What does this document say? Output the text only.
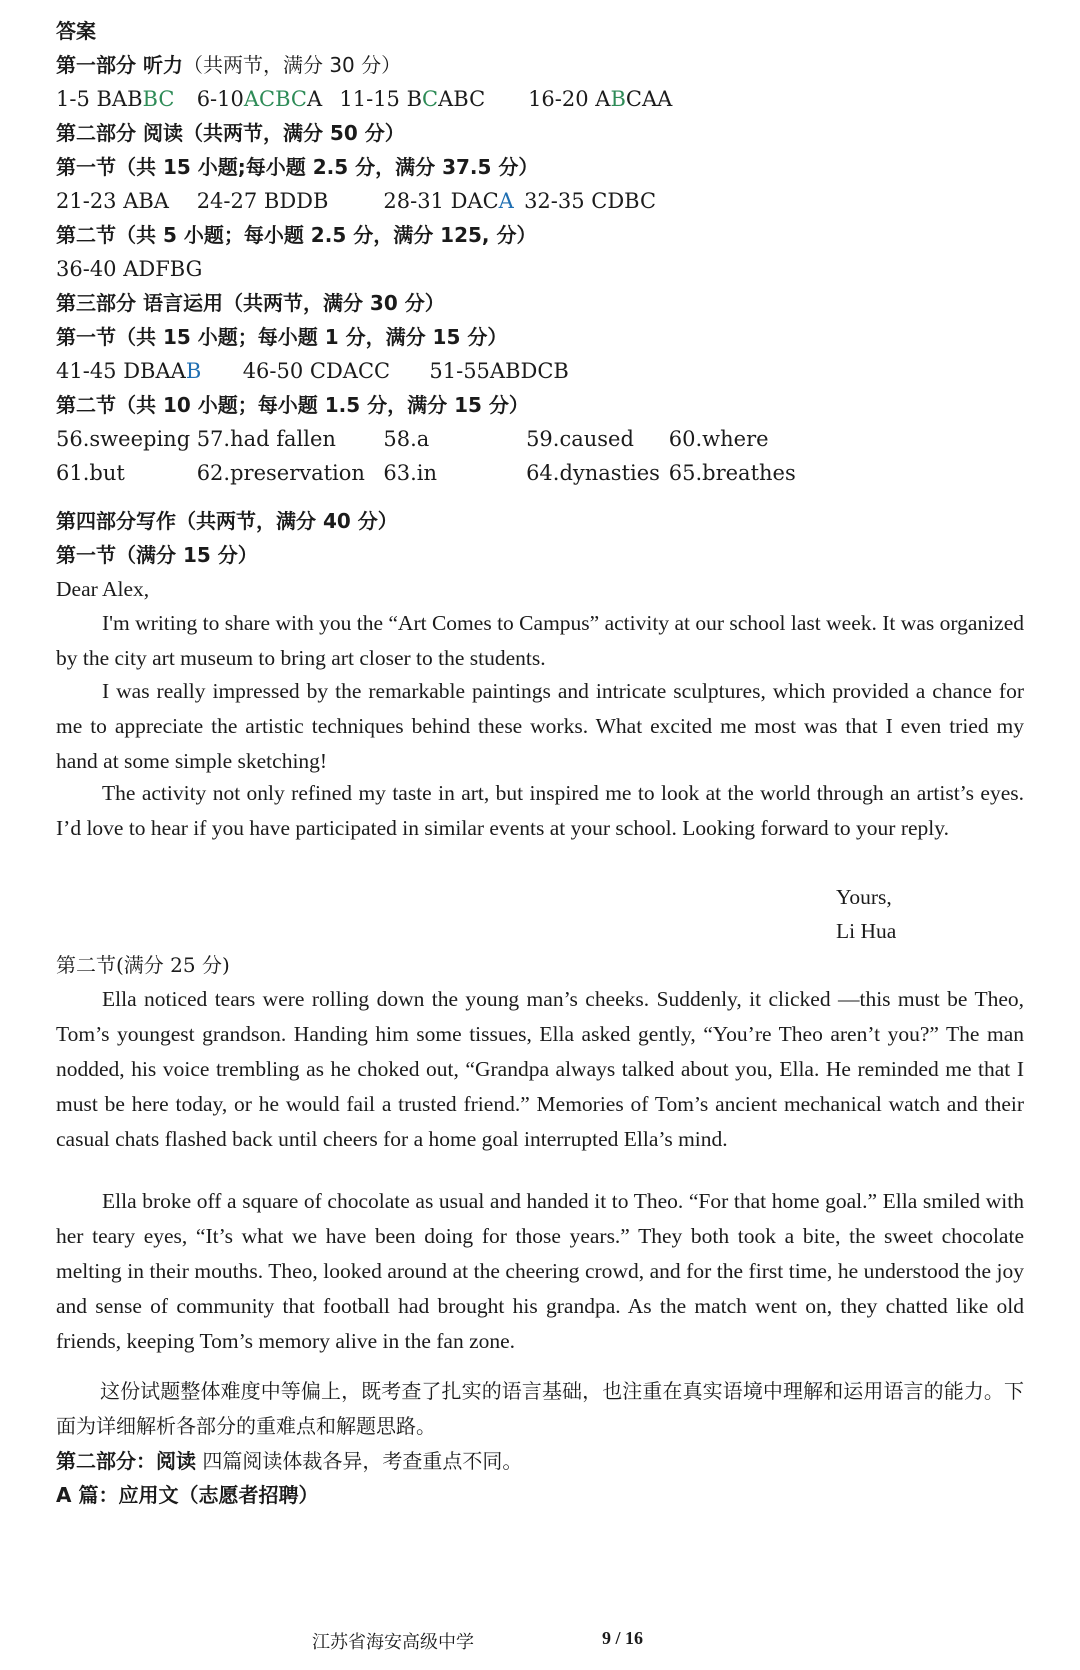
答案
第一部分 听力（共两节，满分 30 分）
1-5 BABBC 6-10ACBCA 11-15 BCABC 16-20 ABCAA
第二部分 阅读（共两节，满分 50 分）
第一节（共 15 小题;每小题 2.5 分，满分 37.5 分）
21-23 ABA 24-27 BDDB	28-31 DACA 32-35 CDBC
第二节（共 5 小题；每小题 2.5 分，满分 125, 分）
36-40 ADFBG
第三部分 语言运用（共两节，满分 30 分）
第一节（共 15 小题；每小题 1 分，满分 15 分）
41-45 DBAAB 46-50 CDACC 51-55ABDCB
第二节（共 10 小题；每小题 1.5 分，满分 15 分）
56.sweeping 57.had fallen 58.a	59.caused 60.where
61.but	62.preservation 63.in	64.dynasties 65.breathes
第四部分写作（共两节，满分 40 分）
第一节（满分 15 分）
Dear Alex,

I'm writing to share with you the “Art Comes to Campus” activity at our school last week. It was organized by the city art museum to bring art closer to the students.

I was really impressed by the remarkable paintings and intricate sculptures, which provided a chance for me to appreciate the artistic techniques behind these works. What excited me most was that I even tried my hand at some simple sketching!

The activity not only refined my taste in art, but inspired me to look at the world through an artist’s eyes. I’d love to hear if you have participated in similar events at your school. Looking forward to your reply.

Yours,
Li Hua
第二节(满分 25 分)

Ella noticed tears were rolling down the young man’s cheeks. Suddenly, it clicked —this must be Theo, Tom’s youngest grandson. Handing him some tissues, Ella asked gently, “You’re Theo aren’t you?” The man nodded, his voice trembling as he choked out, “Grandpa always talked about you, Ella. He reminded me that I must be here today, or he would fail a trusted friend.” Memories of Tom’s ancient mechanical watch and their casual chats flashed back until cheers for a home goal interrupted Ella’s mind.

Ella broke off a square of chocolate as usual and handed it to Theo. “For that home goal.” Ella smiled with her teary eyes, “It’s what we have been doing for those years.” They both took a bite, the sweet chocolate melting in their mouths. Theo, looked around at the cheering crowd, and for the first time, he understood the joy and sense of community that football had brought his grandpa. As the match went on, they chatted like old friends, keeping Tom’s memory alive in the fan zone.

这份试题整体难度中等偏上，既考查了扎实的语言基础，也注重在真实语境中理解和运用语言的能力。下面为详细解析各部分的重难点和解题思路。

第二部分：阅读 四篇阅读体裁各异，考查重点不同。
A 篇：应用文（志愿者招聘）
江苏省海安高级中学	9 / 16
